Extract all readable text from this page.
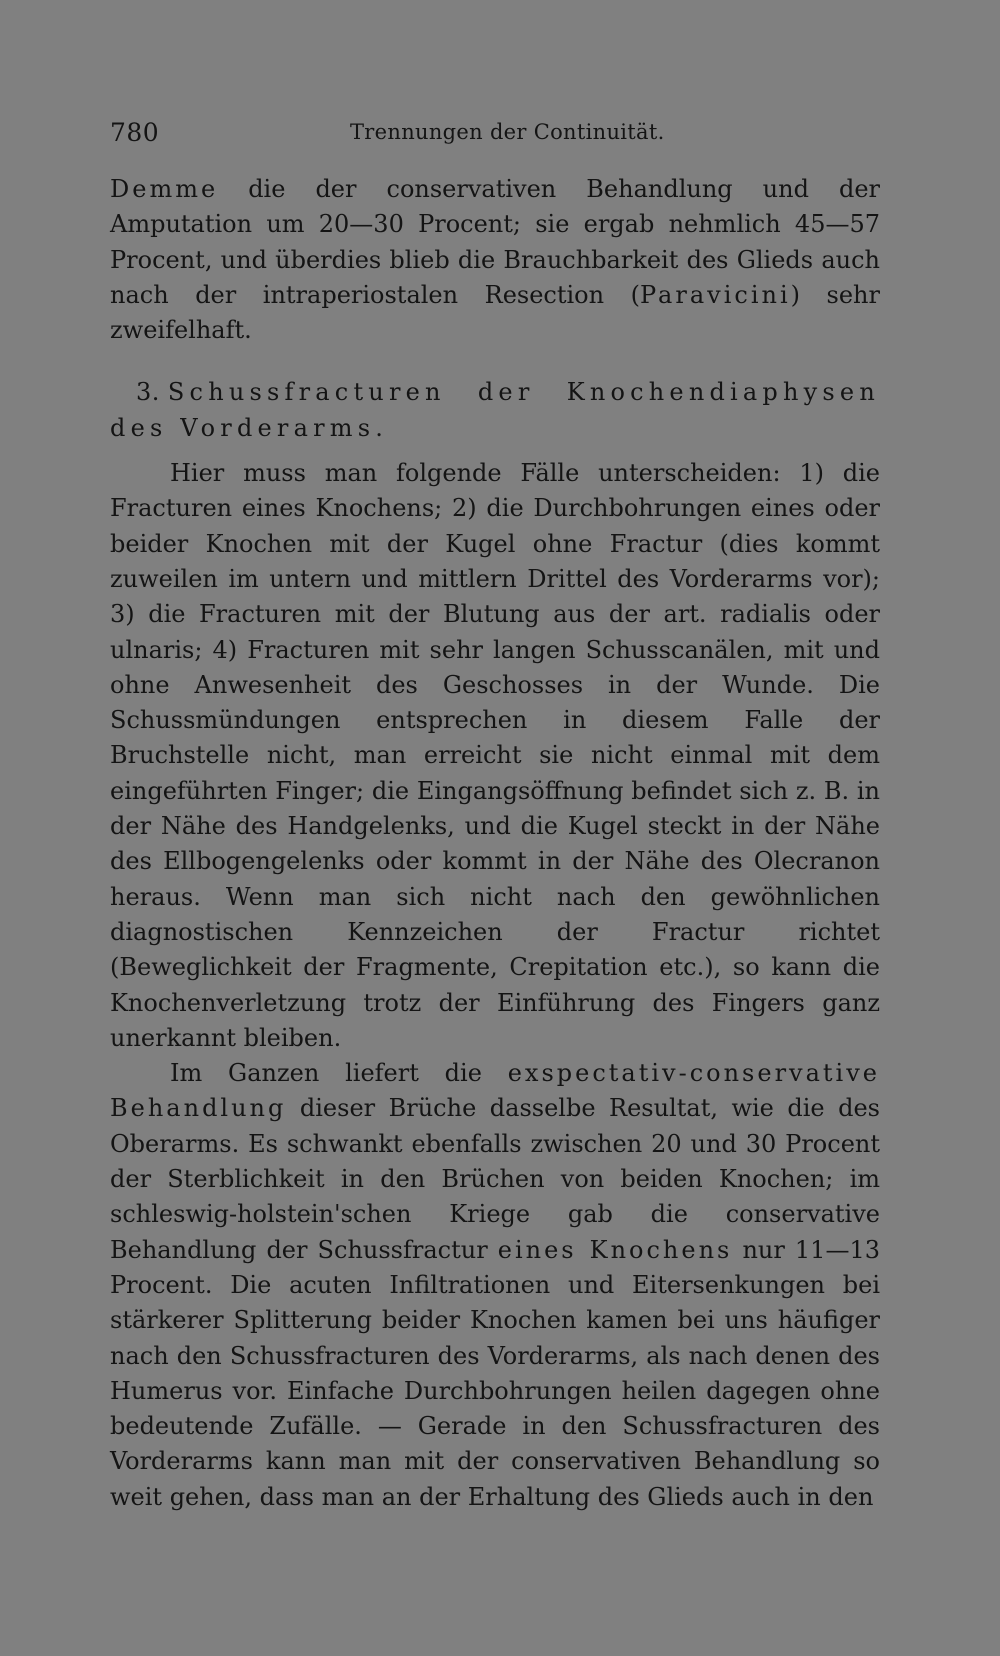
780	Trennungen der Continuität.

Demme die der conservativen Behandlung und der Amputation um 20—30 Procent; sie ergab nehmlich 45—57 Procent, und überdies blieb die Brauchbarkeit des Glieds auch nach der intraperiostalen Resection (Paravicini) sehr zweifelhaft.

3. Schussfracturen der Knochendiaphysen des Vorderarms.

Hier muss man folgende Fälle unterscheiden: 1) die Fracturen eines Knochens; 2) die Durchbohrungen eines oder beider Knochen mit der Kugel ohne Fractur (dies kommt zuweilen im untern und mittlern Drittel des Vorderarms vor); 3) die Fracturen mit der Blutung aus der art. radialis oder ulnaris; 4) Fracturen mit sehr langen Schusscanälen, mit und ohne Anwesenheit des Geschosses in der Wunde. Die Schussmündungen entsprechen in diesem Falle der Bruchstelle nicht, man erreicht sie nicht einmal mit dem eingeführten Finger; die Eingangsöffnung befindet sich z. B. in der Nähe des Handgelenks, und die Kugel steckt in der Nähe des Ellbogengelenks oder kommt in der Nähe des Olecranon heraus. Wenn man sich nicht nach den gewöhnlichen diagnostischen Kennzeichen der Fractur richtet (Beweglichkeit der Fragmente, Crepitation etc.), so kann die Knochenverletzung trotz der Einführung des Fingers ganz unerkannt bleiben.

Im Ganzen liefert die exspectativ-conservative Behandlung dieser Brüche dasselbe Resultat, wie die des Oberarms. Es schwankt ebenfalls zwischen 20 und 30 Procent der Sterblichkeit in den Brüchen von beiden Knochen; im schleswig-holstein'schen Kriege gab die conservative Behandlung der Schussfractur eines Knochens nur 11—13 Procent. Die acuten Infiltrationen und Eitersenkungen bei stärkerer Splitterung beider Knochen kamen bei uns häufiger nach den Schussfracturen des Vorderarms, als nach denen des Humerus vor. Einfache Durchbohrungen heilen dagegen ohne bedeutende Zufälle. — Gerade in den Schussfracturen des Vorderarms kann man mit der conservativen Behandlung so weit gehen, dass man an der Erhaltung des Glieds auch in den
